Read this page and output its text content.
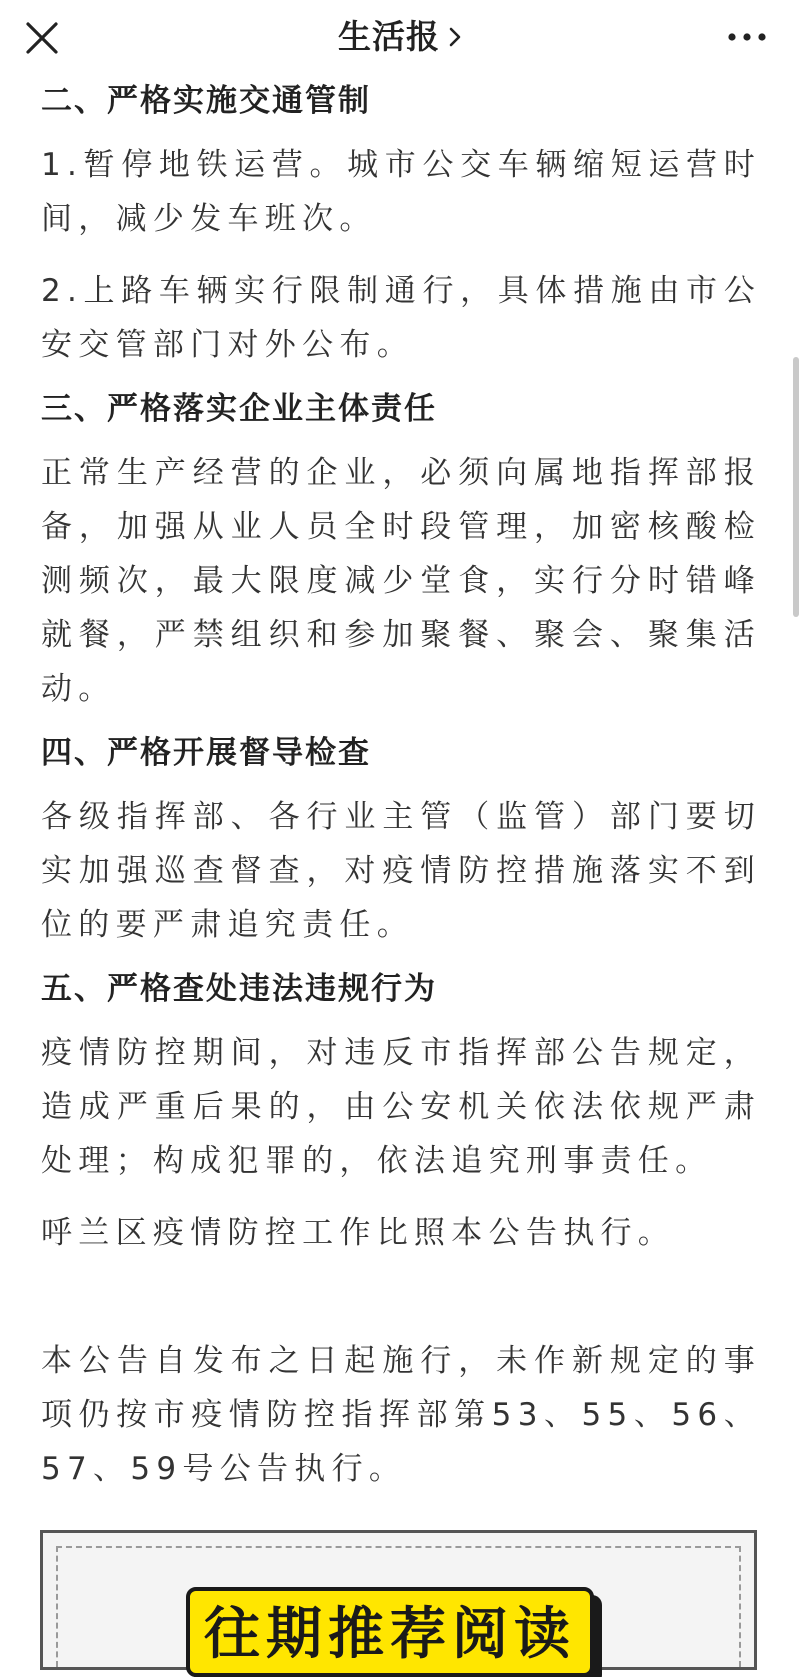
生活报
二、严格实施交通管制

1.暂停地铁运营。城市公交车辆缩短运营时间，减少发车班次。

2.上路车辆实行限制通行，具体措施由市公安交管部门对外公布。

三、严格落实企业主体责任

正常生产经营的企业，必须向属地指挥部报备，加强从业人员全时段管理，加密核酸检测频次，最大限度减少堂食，实行分时错峰就餐，严禁组织和参加聚餐、聚会、聚集活动。

四、严格开展督导检查

各级指挥部、各行业主管（监管）部门要切实加强巡查督查，对疫情防控措施落实不到位的要严肃追究责任。

五、严格查处违法违规行为

疫情防控期间，对违反市指挥部公告规定，造成严重后果的，由公安机关依法依规严肃处理；构成犯罪的，依法追究刑事责任。

呼兰区疫情防控工作比照本公告执行。

本公告自发布之日起施行，未作新规定的事项仍按市疫情防控指挥部第53、55、56、57、59号公告执行。

往期推荐阅读
